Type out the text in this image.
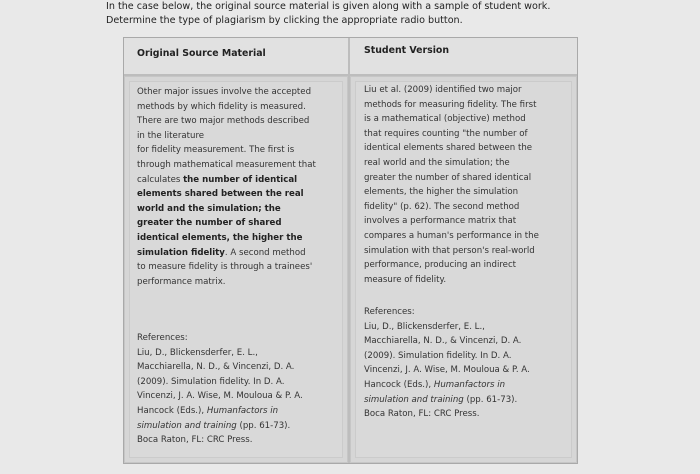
In the case below, the original source material is given along with a sample of student work.
Determine the type of plagiarism by clicking the appropriate radio button.
Original Source Material
Other major issues involve the accepted
methods by which fidelity is measured.
There are two major methods described
in the literature
for fidelity measurement. The first is
through mathematical measurement that
calculates the number of identical
elements shared between the real
world and the simulation; the
greater the number of shared
identical elements, the higher the
simulation fidelity. A second method
to measure fidelity is through a trainees'
performance matrix.
References:
Liu, D., Blickensderfer, E. L.,
Macchiarella, N. D., & Vincenzi, D. A.
(2009). Simulation fidelity. In D. A.
Vincenzi, J. A. Wise, M. Mouloua & P. A.
Hancock (Eds.), Humanfactors in
simulation and training (pp. 61-73).
Boca Raton, FL: CRC Press.
Student Version
Liu et al. (2009) identified two major
methods for measuring fidelity. The first
is a mathematical (objective) method
that requires counting "the number of
identical elements shared between the
real world and the simulation; the
greater the number of shared identical
elements, the higher the simulation
fidelity" (p. 62). The second method
involves a performance matrix that
compares a human's performance in the
simulation with that person's real-world
performance, producing an indirect
measure of fidelity.
References:
Liu, D., Blickensderfer, E. L.,
Macchiarella, N. D., & Vincenzi, D. A.
(2009). Simulation fidelity. In D. A.
Vincenzi, J. A. Wise, M. Mouloua & P. A.
Hancock (Eds.), Humanfactors in
simulation and training (pp. 61-73).
Boca Raton, FL: CRC Press.
